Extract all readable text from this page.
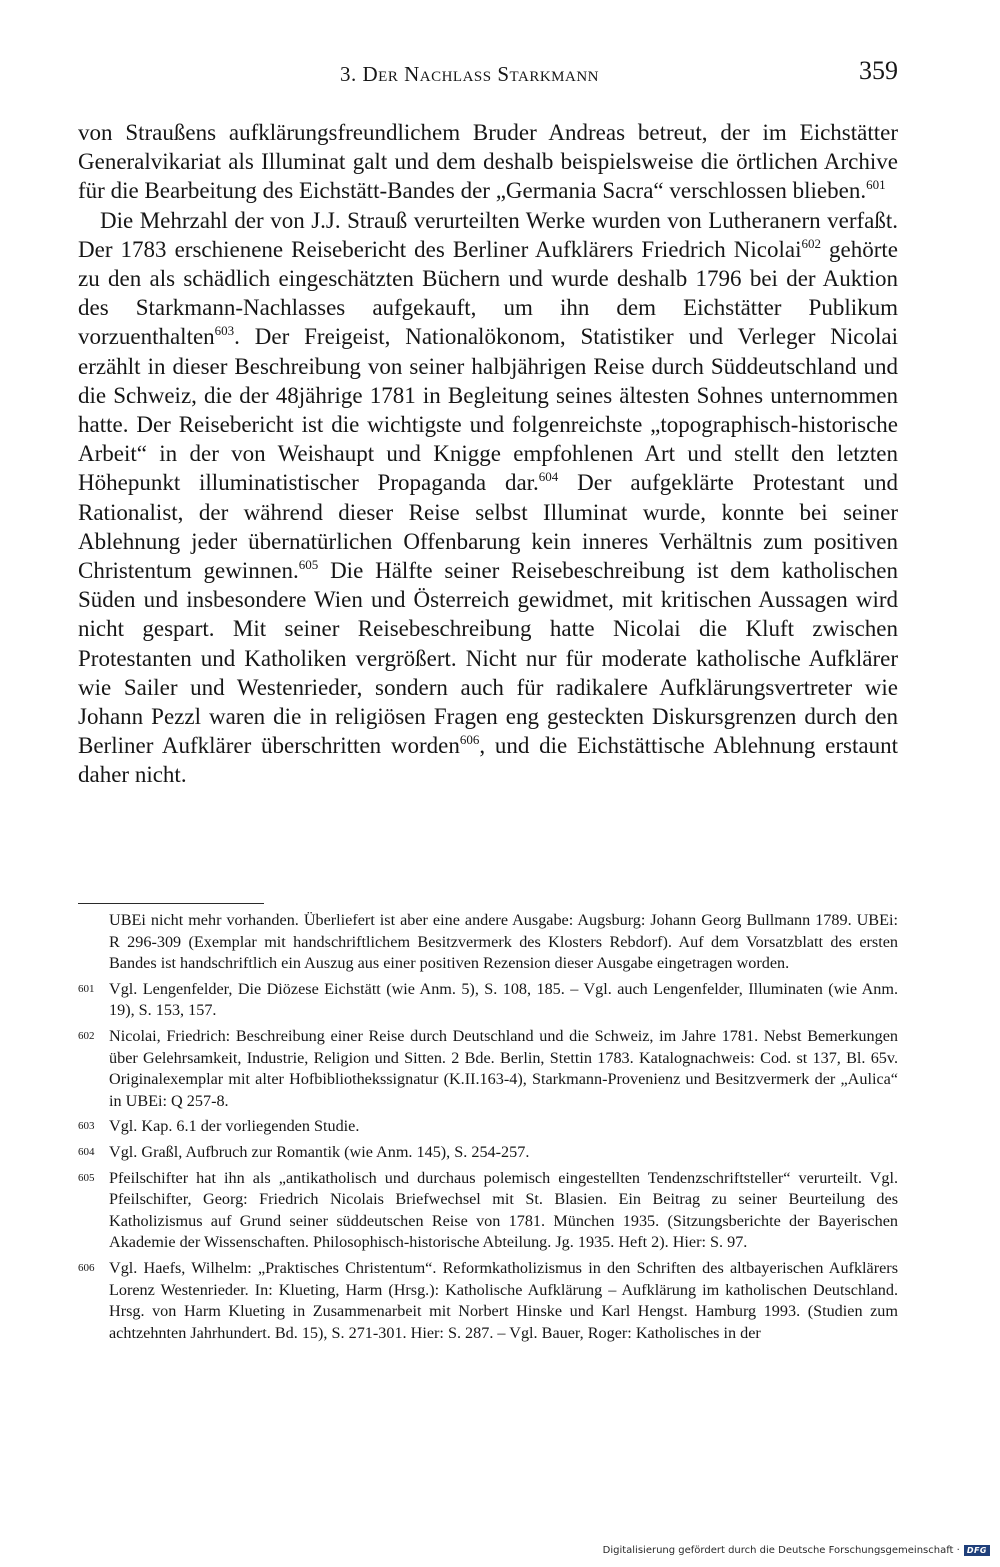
3. Der Nachlass Starkmann	359

von Straußens aufklärungsfreundlichem Bruder Andreas betreut, der im Eichstätter Generalvikariat als Illuminat galt und dem deshalb beispielsweise die örtlichen Archive für die Bearbeitung des Eichstätt-Bandes der „Germania Sacra“ verschlossen blieben.$^{601}$

Die Mehrzahl der von J.J. Strauß verurteilten Werke wurden von Lutheranern verfaßt. Der 1783 erschienene Reisebericht des Berliner Aufklärers Friedrich Nicolai$^{602}$ gehörte zu den als schädlich eingeschätzten Büchern und wurde deshalb 1796 bei der Auktion des Starkmann-Nachlasses aufgekauft, um ihn dem Eichstätter Publikum vorzuenthalten$^{603}$. Der Freigeist, Nationalökonom, Statistiker und Verleger Nicolai erzählt in dieser Beschreibung von seiner halbjährigen Reise durch Süddeutschland und die Schweiz, die der 48jährige 1781 in Begleitung seines ältesten Sohnes unternommen hatte. Der Reisebericht ist die wichtigste und folgenreichste „topographisch-historische Arbeit“ in der von Weishaupt und Knigge empfohlenen Art und stellt den letzten Höhepunkt illuminatistischer Propaganda dar.$^{604}$ Der aufgeklärte Protestant und Rationalist, der während dieser Reise selbst Illuminat wurde, konnte bei seiner Ablehnung jeder übernatürlichen Offenbarung kein inneres Verhältnis zum positiven Christentum gewinnen.$^{605}$ Die Hälfte seiner Reisebeschreibung ist dem katholischen Süden und insbesondere Wien und Österreich gewidmet, mit kritischen Aussagen wird nicht gespart. Mit seiner Reisebeschreibung hatte Nicolai die Kluft zwischen Protestanten und Katholiken vergrößert. Nicht nur für moderate katholische Aufklärer wie Sailer und Westenrieder, sondern auch für radikalere Aufklärungsvertreter wie Johann Pezzl waren die in religiösen Fragen eng gesteckten Diskursgrenzen durch den Berliner Aufklärer überschritten worden$^{606}$, und die Eichstättische Ablehnung erstaunt daher nicht.

UBEi nicht mehr vorhanden. Überliefert ist aber eine andere Ausgabe: Augsburg: Johann Georg Bullmann 1789. UBEi: R 296-309 (Exemplar mit handschriftlichem Besitzvermerk des Klosters Rebdorf). Auf dem Vorsatzblatt des ersten Bandes ist handschriftlich ein Auszug aus einer positiven Rezension dieser Ausgabe eingetragen worden.
601 Vgl. Lengenfelder, Die Diözese Eichstätt (wie Anm. 5), S. 108, 185. – Vgl. auch Lengenfelder, Illuminaten (wie Anm. 19), S. 153, 157.
602 Nicolai, Friedrich: Beschreibung einer Reise durch Deutschland und die Schweiz, im Jahre 1781. Nebst Bemerkungen über Gelehrsamkeit, Industrie, Religion und Sitten. 2 Bde. Berlin, Stettin 1783. Katalognachweis: Cod. st 137, Bl. 65v. Originalexemplar mit alter Hofbibliothekssignatur (K.II.163-4), Starkmann-Provenienz und Besitzvermerk der „Aulica“ in UBEi: Q 257-8.
603 Vgl. Kap. 6.1 der vorliegenden Studie.
604 Vgl. Graßl, Aufbruch zur Romantik (wie Anm. 145), S. 254-257.
605 Pfeilschifter hat ihn als „antikatholisch und durchaus polemisch eingestellten Tendenzschriftsteller“ verurteilt. Vgl. Pfeilschifter, Georg: Friedrich Nicolais Briefwechsel mit St. Blasien. Ein Beitrag zu seiner Beurteilung des Katholizismus auf Grund seiner süddeutschen Reise von 1781. München 1935. (Sitzungsberichte der Bayerischen Akademie der Wissenschaften. Philosophisch-historische Abteilung. Jg. 1935. Heft 2). Hier: S. 97.
606 Vgl. Haefs, Wilhelm: „Praktisches Christentum“. Reformkatholizismus in den Schriften des altbayerischen Aufklärers Lorenz Westenrieder. In: Klueting, Harm (Hrsg.): Katholische Aufklärung – Aufklärung im katholischen Deutschland. Hrsg. von Harm Klueting in Zusammenarbeit mit Norbert Hinske und Karl Hengst. Hamburg 1993. (Studien zum achtzehnten Jahrhundert. Bd. 15), S. 271-301. Hier: S. 287. – Vgl. Bauer, Roger: Katholisches in der
Digitalisierung gefördert durch die Deutsche Forschungsgemeinschaft · DFG
